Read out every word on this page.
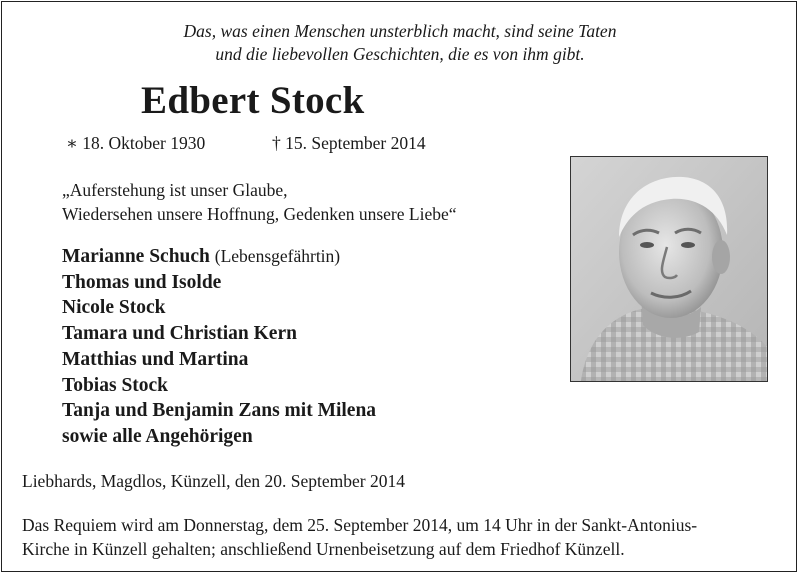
Das, was einen Menschen unsterblich macht, sind seine Taten
und die liebevollen Geschichten, die es von ihm gibt.
Edbert Stock
∗ 18. Oktober 1930	† 15. September 2014
„Auferstehung ist unser Glaube,
Wiedersehen unsere Hoffnung, Gedenken unsere Liebe“
Marianne Schuch (Lebensgefährtin)
Thomas und Isolde
Nicole Stock
Tamara und Christian Kern
Matthias und Martina
Tobias Stock
Tanja und Benjamin Zans mit Milena
sowie alle Angehörigen
Liebhards, Magdlos, Künzell, den 20. September 2014
Das Requiem wird am Donnerstag, dem 25. September 2014, um 14 Uhr in der Sankt-Antonius-
Kirche in Künzell gehalten; anschließend Urnenbeisetzung auf dem Friedhof Künzell.
